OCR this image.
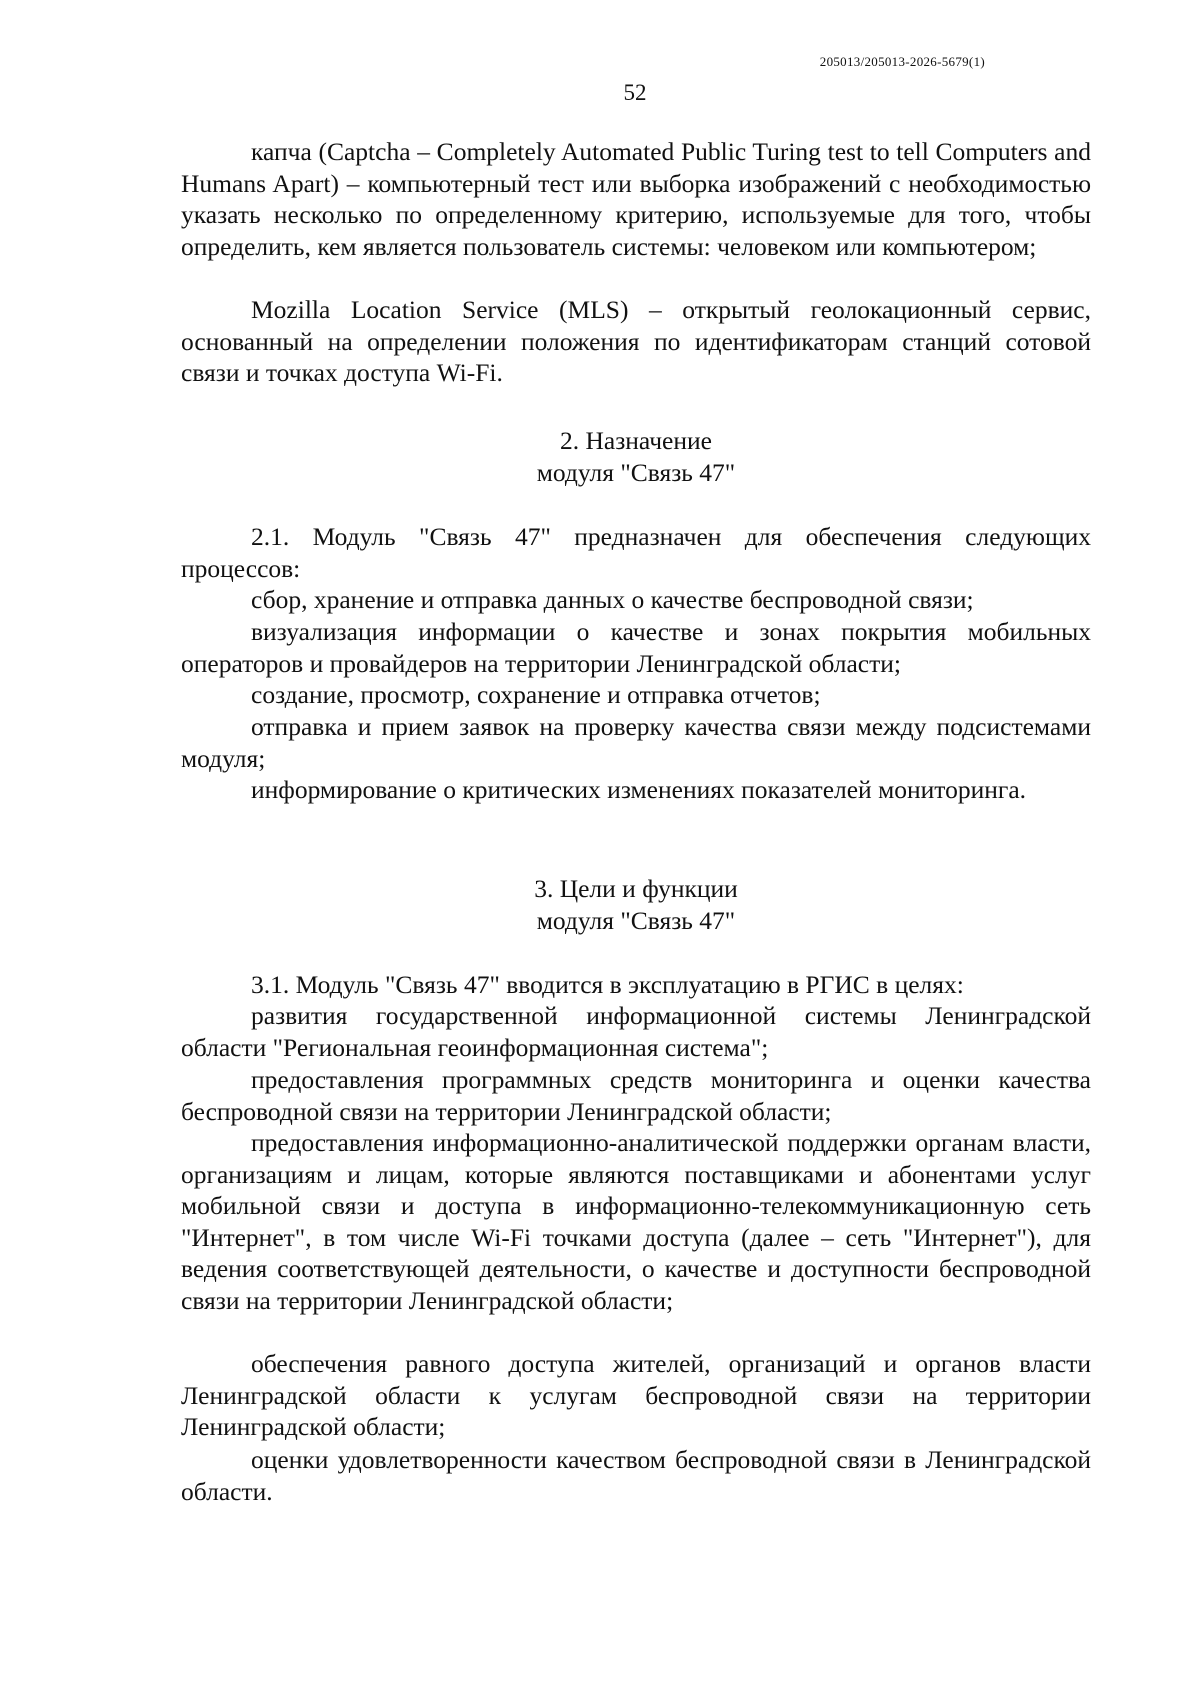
205013/205013-2026-5679(1)
52

капча (Captcha – Completely Automated Public Turing test to tell Computers and Humans Apart) – компьютерный тест или выборка изображений с необходимостью указать несколько по определенному критерию, используемые для того, чтобы определить, кем является пользователь системы: человеком или компьютером;

Mozilla Location Service (MLS) – открытый геолокационный сервис, основанный на определении положения по идентификаторам станций сотовой связи и точках доступа Wi-Fi.

2. Назначение
модуля "Связь 47"

2.1. Модуль "Связь 47" предназначен для обеспечения следующих процессов:

сбор, хранение и отправка данных о качестве беспроводной связи;

визуализация информации о качестве и зонах покрытия мобильных операторов и провайдеров на территории Ленинградской области;

создание, просмотр, сохранение и отправка отчетов;

отправка и прием заявок на проверку качества связи между подсистемами модуля;

информирование о критических изменениях показателей мониторинга.

3. Цели и функции
модуля "Связь 47"

3.1. Модуль "Связь 47" вводится в эксплуатацию в РГИС в целях:

развития государственной информационной системы Ленинградской области "Региональная геоинформационная система";

предоставления программных средств мониторинга и оценки качества беспроводной связи на территории Ленинградской области;

предоставления информационно-аналитической поддержки органам власти, организациям и лицам, которые являются поставщиками и абонентами услуг мобильной связи и доступа в информационно-телекоммуникационную сеть "Интернет", в том числе Wi-Fi точками доступа (далее – сеть "Интернет"), для ведения соответствующей деятельности, о качестве и доступности беспроводной связи на территории Ленинградской области;

обеспечения равного доступа жителей, организаций и органов власти Ленинградской области к услугам беспроводной связи на территории Ленинградской области;

оценки удовлетворенности качеством беспроводной связи в Ленинградской области.
